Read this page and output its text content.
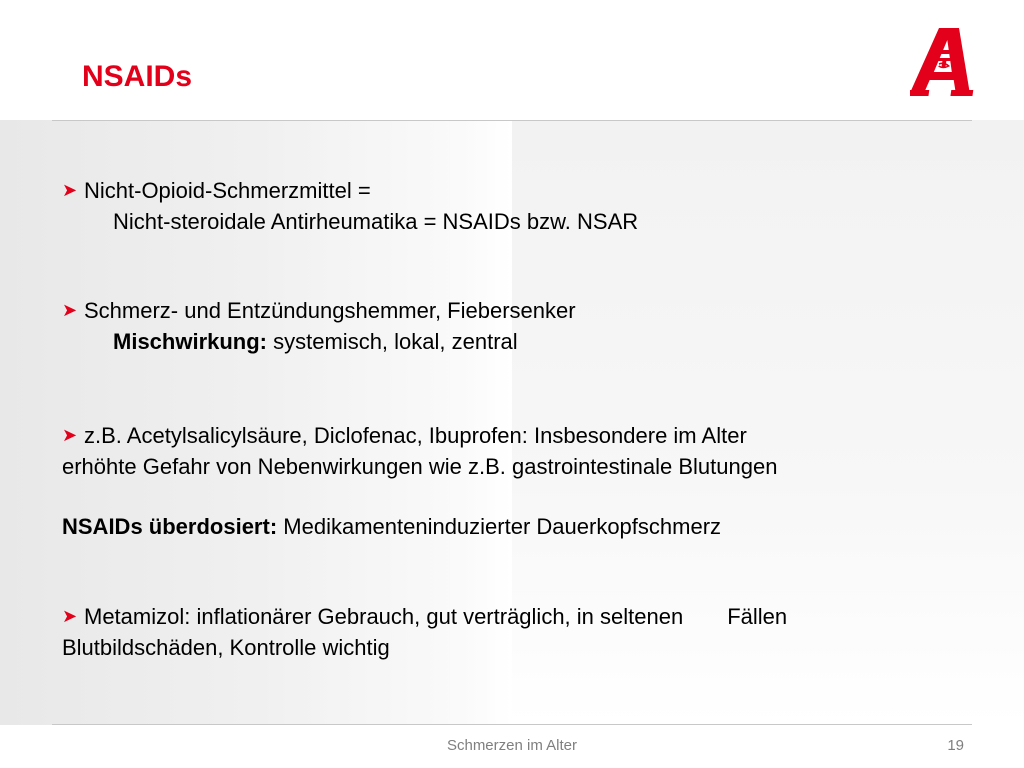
NSAIDs
➤ Nicht-Opioid-Schmerzmittel =
Nicht-steroidale Antirheumatika = NSAIDs bzw. NSAR
➤ Schmerz- und Entzündungshemmer, Fiebersenker
Mischwirkung: systemisch, lokal, zentral
➤ z.B. Acetylsalicylsäure, Diclofenac, Ibuprofen: Insbesondere im Alter
erhöhte Gefahr von Nebenwirkungen wie z.B. gastrointestinale Blutungen
NSAIDs überdosiert: Medikamenteninduzierter Dauerkopfschmerz
➤ Metamizol: inflationärer Gebrauch, gut verträglich, in seltenen Fällen
Blutbildschäden, Kontrolle wichtig
Schmerzen im Alter	19
